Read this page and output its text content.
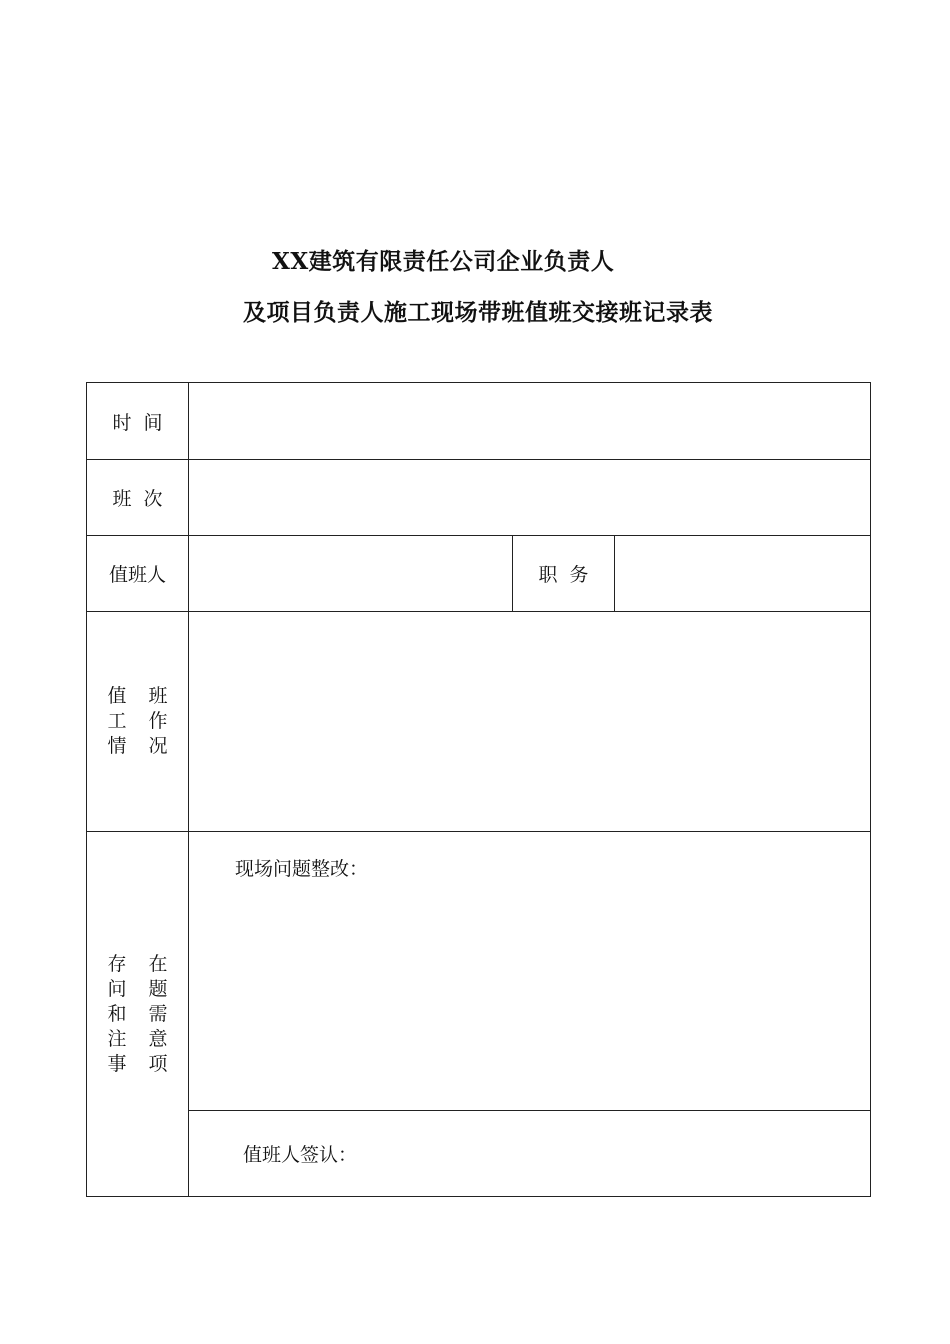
XX建筑有限责任公司企业负责人
及项目负责人施工现场带班值班交接班记录表
时  间			
班  次			
值班人		职  务	

值 班
工 作
情况			

存 在
问 题
和 需
注 意
事 项	现场问题整改：		

	值班人签认：		
